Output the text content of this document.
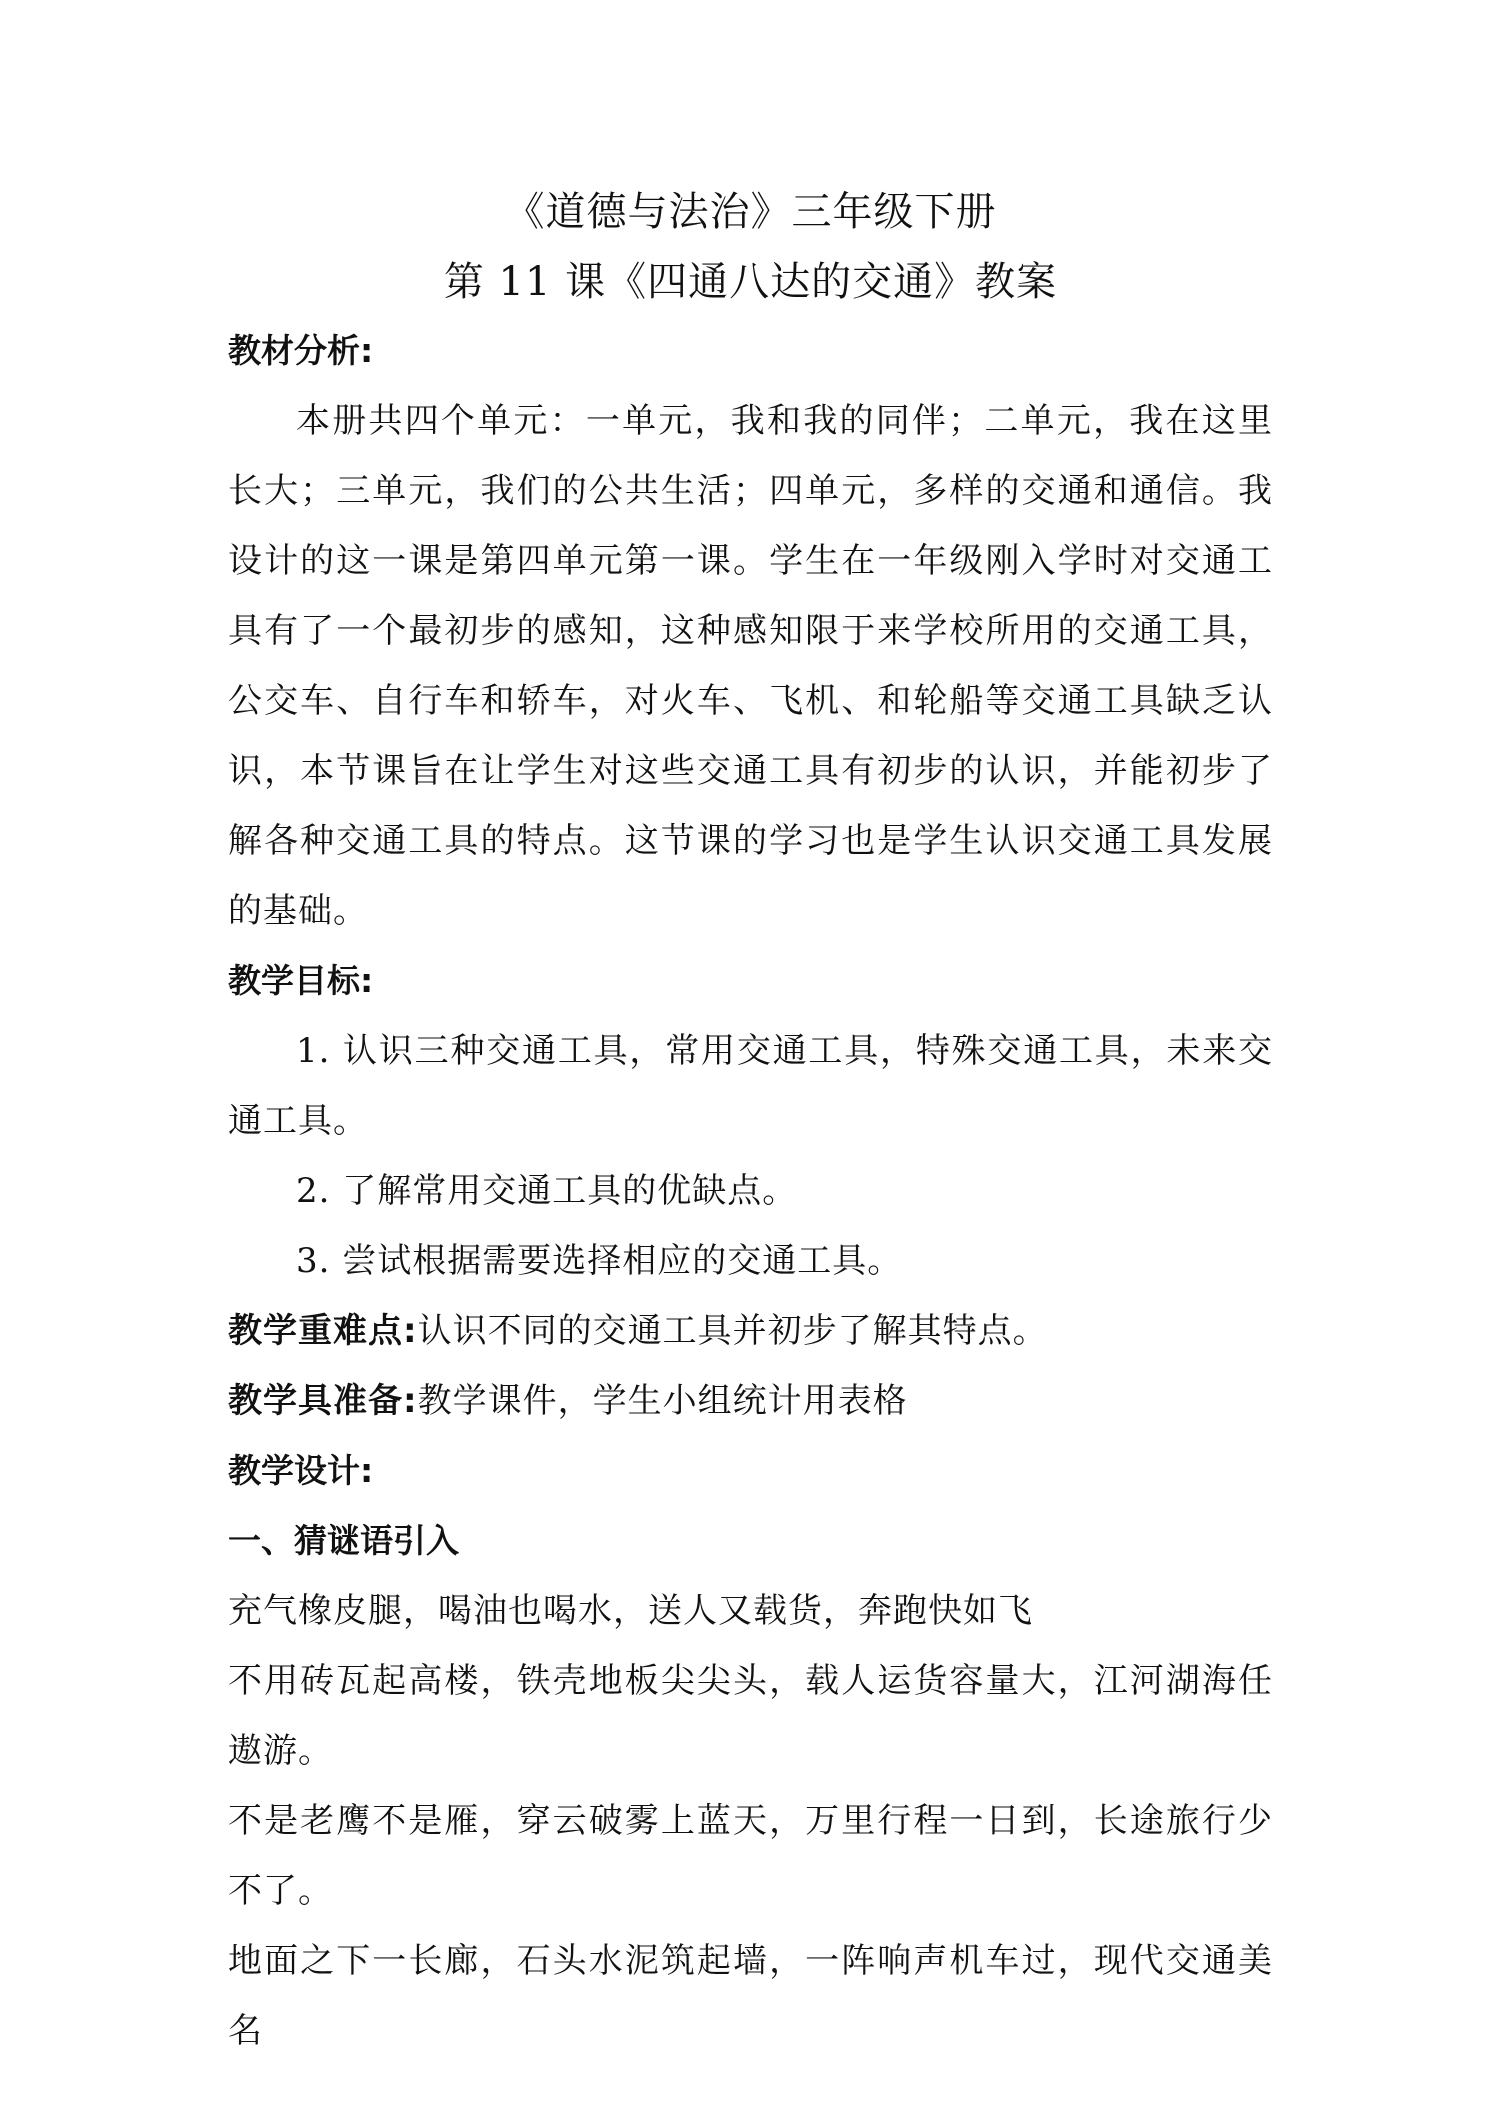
《道德与法治》三年级下册
第 11 课《四通八达的交通》教案

教材分析:

本册共四个单元：一单元，我和我的同伴；二单元，我在这里长大；三单元，我们的公共生活；四单元，多样的交通和通信。我设计的这一课是第四单元第一课。学生在一年级刚入学时对交通工具有了一个最初步的感知，这种感知限于来学校所用的交通工具，公交车、自行车和轿车，对火车、飞机、和轮船等交通工具缺乏认识，本节课旨在让学生对这些交通工具有初步的认识，并能初步了解各种交通工具的特点。这节课的学习也是学生认识交通工具发展的基础。

教学目标:

1. 认识三种交通工具，常用交通工具，特殊交通工具，未来交通工具。
2. 了解常用交通工具的优缺点。
3. 尝试根据需要选择相应的交通工具。

教学重难点:认识不同的交通工具并初步了解其特点。

教学具准备:教学课件，学生小组统计用表格

教学设计:

一、猜谜语引入

充气橡皮腿，喝油也喝水，送人又载货，奔跑快如飞

不用砖瓦起高楼，铁壳地板尖尖头，载人运货容量大，江河湖海任遨游。

不是老鹰不是雁，穿云破雾上蓝天，万里行程一日到，长途旅行少不了。

地面之下一长廊，石头水泥筑起墙，一阵响声机车过，现代交通美名
